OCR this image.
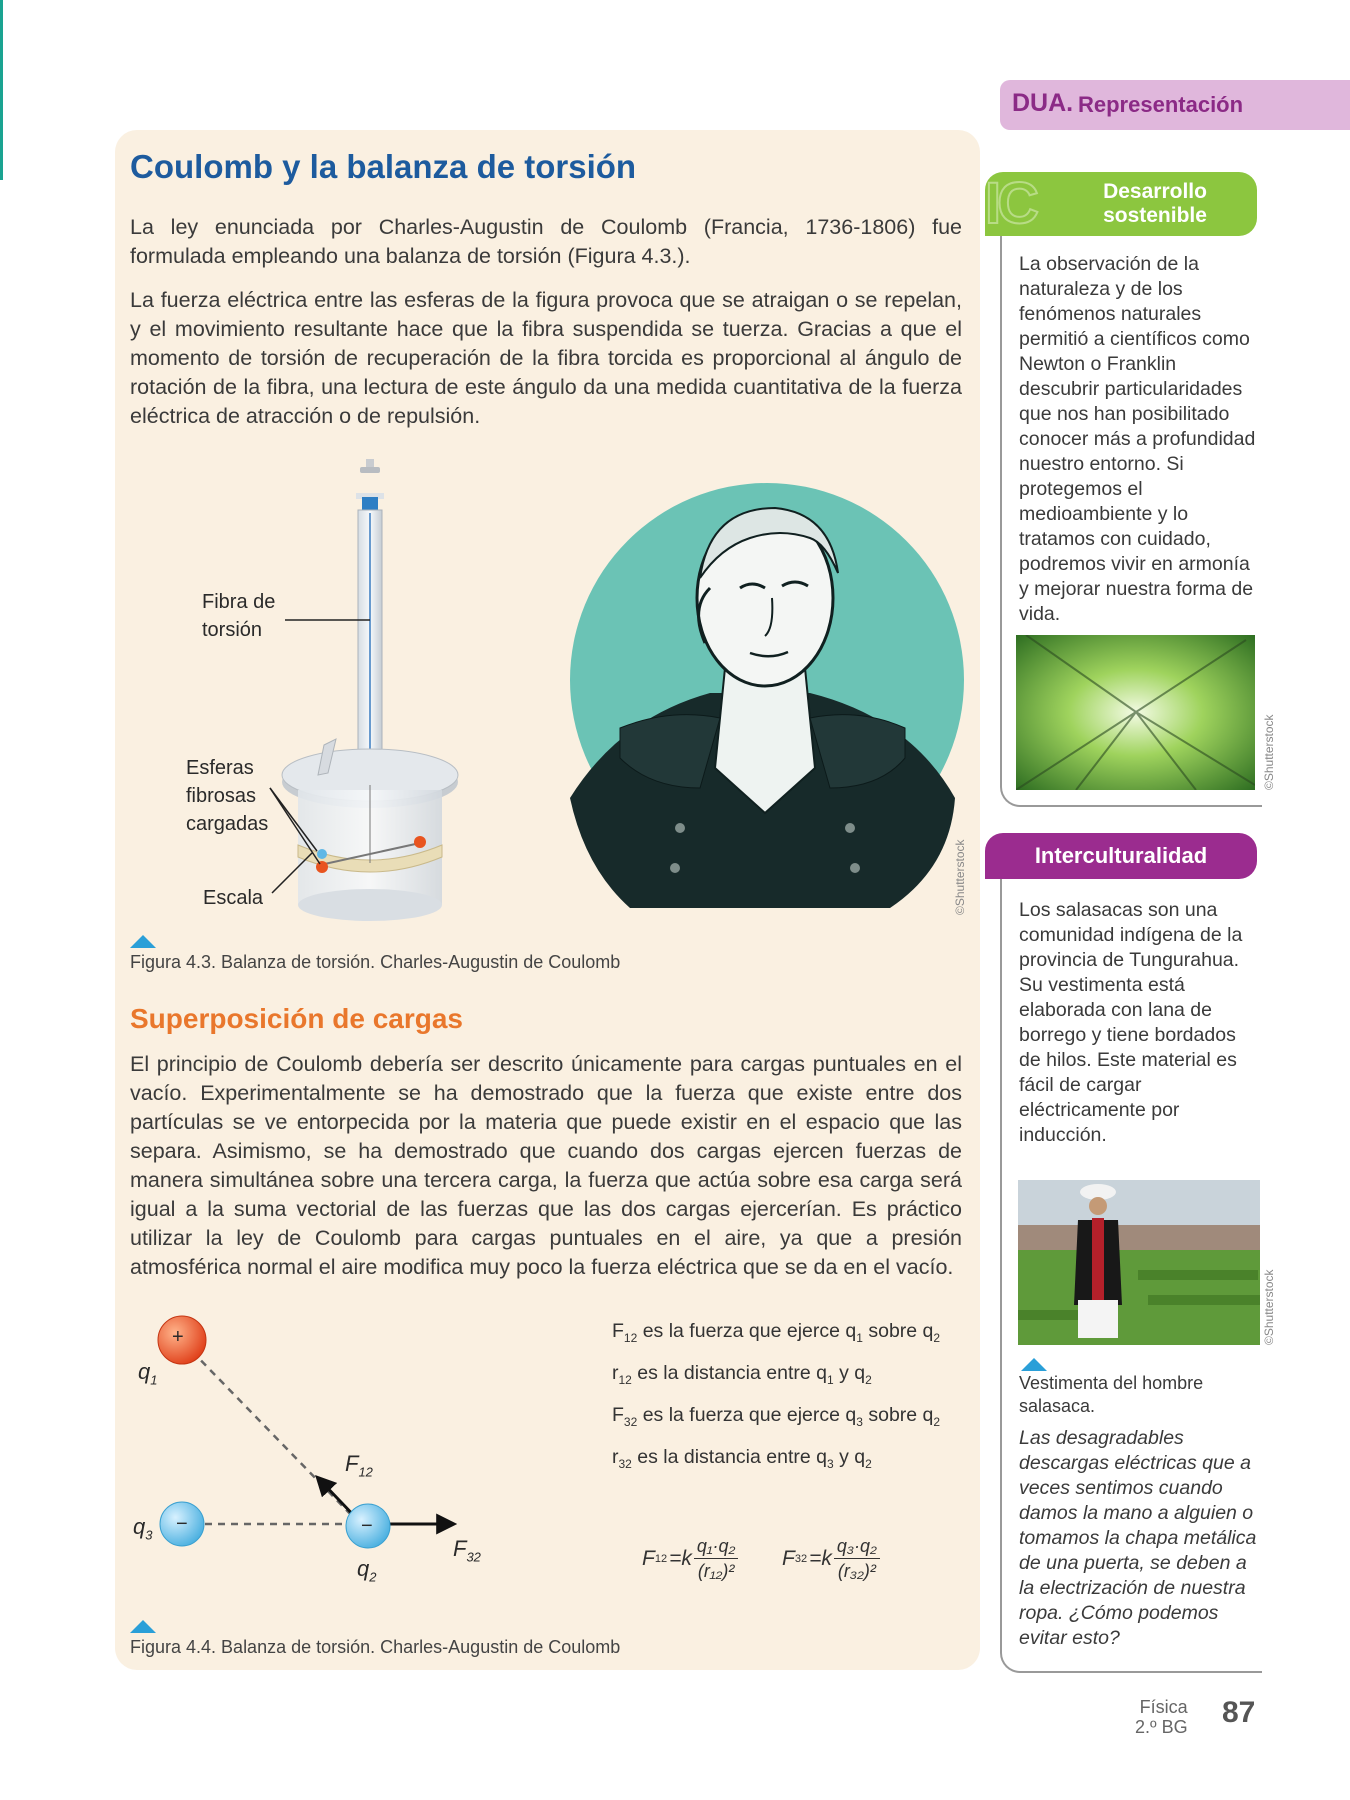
Coulomb y la balanza de torsión

La ley enunciada por Charles-Augustin de Coulomb (Francia, 1736-1806) fue formulada empleando una balanza de torsión (Figura 4.3.).

La fuerza eléctrica entre las esferas de la figura provoca que se atraigan o se repelan, y el movimiento resultante hace que la fibra suspendida se tuerza. Gracias a que el momento de torsión de recuperación de la fibra torcida es proporcional al ángulo de rotación de la fibra, una lectura de este ángulo da una medida cuantitativa de la fuerza eléctrica de atracción o de repulsión.

Fibra de
torsión
Esferas
fibrosas
cargadas
Escala	©Shutterstock
Figura 4.3. Balanza de torsión. Charles-Augustin de Coulomb
Superposición de cargas

El principio de Coulomb debería ser descrito únicamente para cargas puntuales en el vacío. Experimentalmente se ha demostrado que la fuerza que existe entre dos partículas se ve entorpecida por la materia que puede existir en el espacio que las separa. Asimismo, se ha demostrado que cuando dos cargas ejercen fuerzas de manera simultánea sobre una tercera carga, la fuerza que actúa sobre esa carga será igual a la suma vectorial de las fuerzas que las dos cargas ejercerían. Es práctico utilizar la ley de Coulomb para cargas puntuales en el aire, ya que a presión atmosférica normal el aire modifica muy poco la fuerza eléctrica que se da en el vacío.

+
−	−
$q_1$
$q_3$
$q_2$
$F_{12}$
$F_{32}$
$F_{12}$ es la fuerza que ejerce $q_1$ sobre $q_2$
$r_{12}$ es la distancia entre $q_1$ y $q_2$
$F_{32}$ es la fuerza que ejerce $q_3$ sobre $q_2$
$r_{32}$ es la distancia entre $q_3$ y $q_2$
F 12 =k
q₁·q₂
(r₁₂)²
F 32 =k
q₃·q₂
(r₃₂)²
Figura 4.4. Balanza de torsión. Charles-Augustin de Coulomb
DUA. Representación
Desarrollo
sostenible
IC

La observación de la naturaleza y de los fenómenos naturales permitió a científicos como Newton o Franklin descubrir particularidades que nos han posibilitado conocer más a profundidad nuestro entorno. Si protegemos el medioambiente y lo tratamos con cuidado, podremos vivir en armonía y mejorar nuestra forma de vida.

©Shutterstock
Interculturalidad

Los salasacas son una comunidad indígena de la provincia de Tungurahua. Su vestimenta está elaborada con lana de borrego y tiene bordados de hilos. Este material es fácil de cargar eléctricamente por inducción.

©Shutterstock

Vestimenta del hombre salasaca.

Las desagradables descargas eléctricas que a veces sentimos cuando damos la mano a alguien o tomamos la chapa metálica de una puerta, se deben a la electrización de nuestra ropa. ¿Cómo podemos evitar esto?

Física
2.º BG 87
